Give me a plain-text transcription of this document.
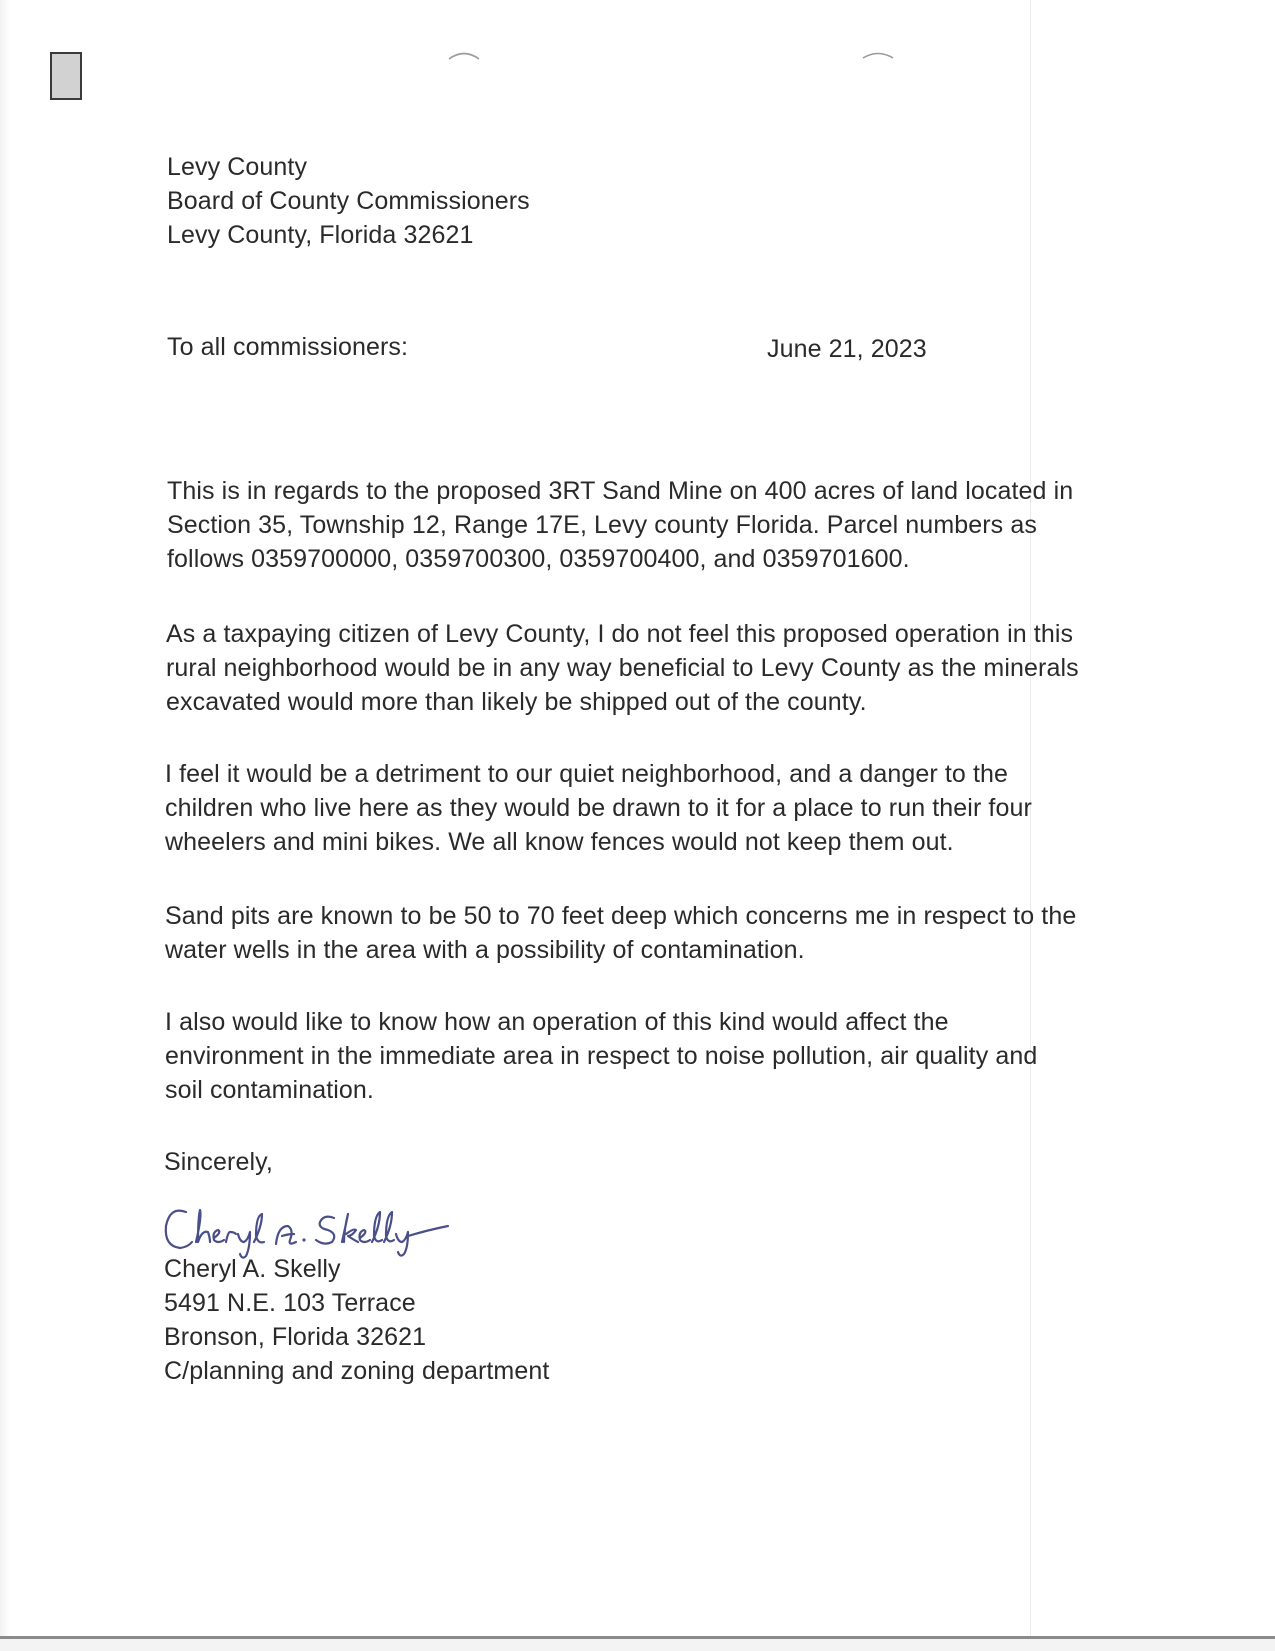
Levy County
Board of County Commissioners
Levy County, Florida 32621
To all commissioners:	June 21, 2023
This is in regards to the proposed 3RT Sand Mine on 400 acres of land located in
Section 35, Township 12, Range 17E, Levy county Florida. Parcel numbers as
follows 0359700000, 0359700300, 0359700400, and 0359701600.
As a taxpaying citizen of Levy County, I do not feel this proposed operation in this
rural neighborhood would be in any way beneficial to Levy County as the minerals
excavated would more than likely be shipped out of the county.
I feel it would be a detriment to our quiet neighborhood, and a danger to the
children who live here as they would be drawn to it for a place to run their four
wheelers and mini bikes. We all know fences would not keep them out.
Sand pits are known to be 50 to 70 feet deep which concerns me in respect to the
water wells in the area with a possibility of contamination.
I also would like to know how an operation of this kind would affect the
environment in the immediate area in respect to noise pollution, air quality and
soil contamination.
Sincerely,
Cheryl A. Skelly
5491 N.E. 103 Terrace
Bronson, Florida 32621
C/planning and zoning department
